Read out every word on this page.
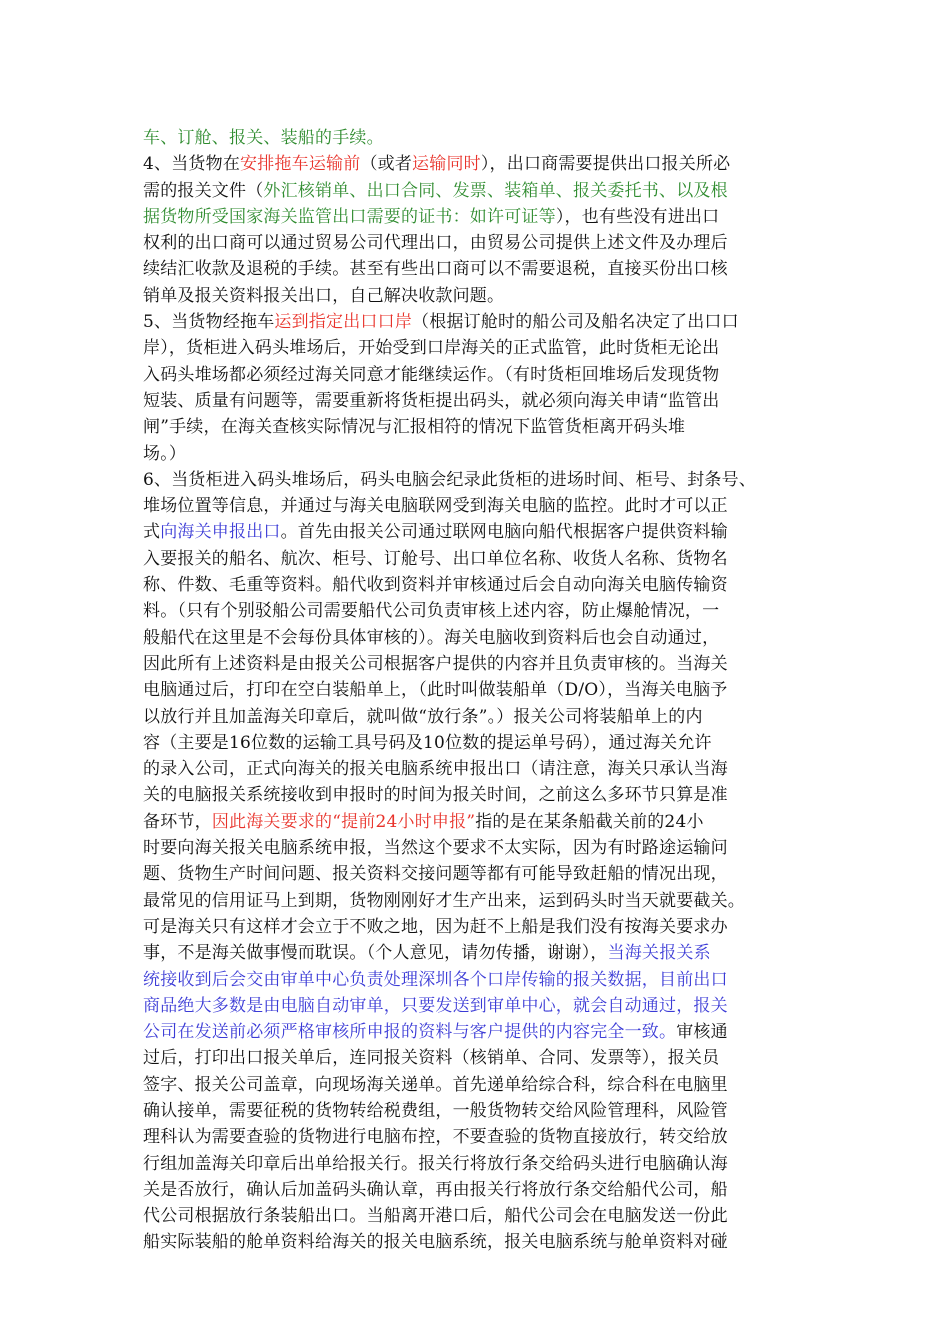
车、订舱、报关、装船的手续。
4、当货物在安排拖车运输前（或者运输同时），出口商需要提供出口报关所必
需的报关文件（外汇核销单、出口合同、发票、装箱单、报关委托书、以及根
据货物所受国家海关监管出口需要的证书：如许可证等），也有些没有进出口
权利的出口商可以通过贸易公司代理出口，由贸易公司提供上述文件及办理后
续结汇收款及退税的手续。甚至有些出口商可以不需要退税，直接买份出口核
销单及报关资料报关出口，自己解决收款问题。
5、当货物经拖车运到指定出口口岸（根据订舱时的船公司及船名决定了出口口
岸），货柜进入码头堆场后，开始受到口岸海关的正式监管，此时货柜无论出
入码头堆场都必须经过海关同意才能继续运作。（有时货柜回堆场后发现货物
短装、质量有问题等，需要重新将货柜提出码头，就必须向海关申请“监管出
闸”手续，在海关查核实际情况与汇报相符的情况下监管货柜离开码头堆
场。）
6、当货柜进入码头堆场后，码头电脑会纪录此货柜的进场时间、柜号、封条号、
堆场位置等信息，并通过与海关电脑联网受到海关电脑的监控。此时才可以正
式向海关申报出口。首先由报关公司通过联网电脑向船代根据客户提供资料输
入要报关的船名、航次、柜号、订舱号、出口单位名称、收货人名称、货物名
称、件数、毛重等资料。船代收到资料并审核通过后会自动向海关电脑传输资
料。（只有个别驳船公司需要船代公司负责审核上述内容，防止爆舱情况，一
般船代在这里是不会每份具体审核的）。海关电脑收到资料后也会自动通过，
因此所有上述资料是由报关公司根据客户提供的内容并且负责审核的。当海关
电脑通过后，打印在空白装船单上，（此时叫做装船单（D/O），当海关电脑予
以放行并且加盖海关印章后，就叫做“放行条”。）报关公司将装船单上的内
容（主要是16位数的运输工具号码及10位数的提运单号码），通过海关允许
的录入公司，正式向海关的报关电脑系统申报出口（请注意，海关只承认当海
关的电脑报关系统接收到申报时的时间为报关时间，之前这么多环节只算是准
备环节，因此海关要求的“提前24小时申报”指的是在某条船截关前的24小
时要向海关报关电脑系统申报，当然这个要求不太实际，因为有时路途运输问
题、货物生产时间问题、报关资料交接问题等都有可能导致赶船的情况出现，
最常见的信用证马上到期，货物刚刚好才生产出来，运到码头时当天就要截关。
可是海关只有这样才会立于不败之地，因为赶不上船是我们没有按海关要求办
事，不是海关做事慢而耽误。（个人意见，请勿传播，谢谢），当海关报关系
统接收到后会交由审单中心负责处理深圳各个口岸传输的报关数据，目前出口
商品绝大多数是由电脑自动审单，只要发送到审单中心，就会自动通过，报关
公司在发送前必须严格审核所申报的资料与客户提供的内容完全一致。审核通
过后，打印出口报关单后，连同报关资料（核销单、合同、发票等），报关员
签字、报关公司盖章，向现场海关递单。首先递单给综合科，综合科在电脑里
确认接单，需要征税的货物转给税费组，一般货物转交给风险管理科，风险管
理科认为需要查验的货物进行电脑布控，不要查验的货物直接放行，转交给放
行组加盖海关印章后出单给报关行。报关行将放行条交给码头进行电脑确认海
关是否放行，确认后加盖码头确认章，再由报关行将放行条交给船代公司，船
代公司根据放行条装船出口。当船离开港口后，船代公司会在电脑发送一份此
船实际装船的舱单资料给海关的报关电脑系统，报关电脑系统与舱单资料对碰
